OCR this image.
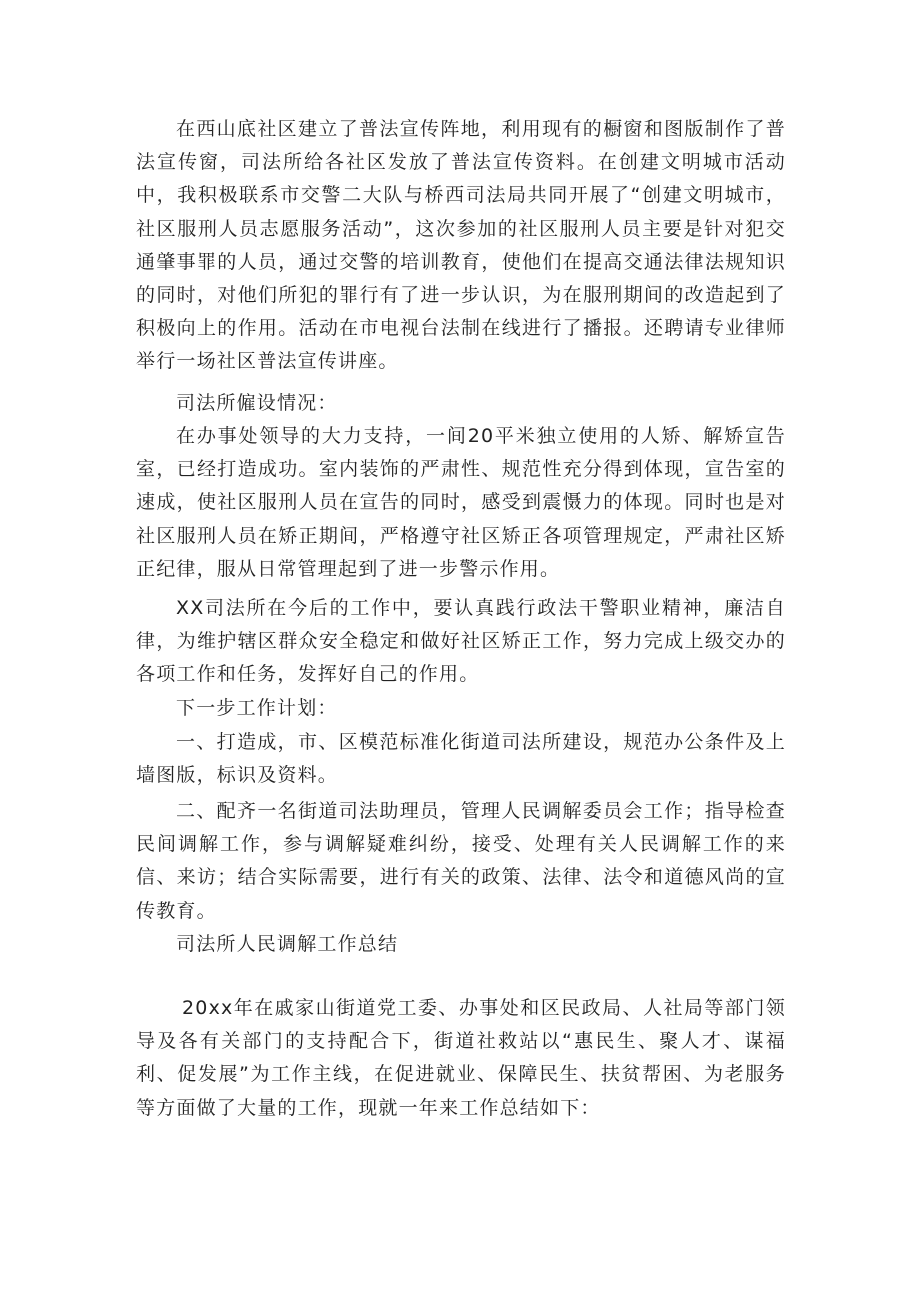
在西山底社区建立了普法宣传阵地，利用现有的橱窗和图版制作了普法宣传窗，司法所给各社区发放了普法宣传资料。在创建文明城市活动中，我积极联系市交警二大队与桥西司法局共同开展了“创建文明城市，社区服刑人员志愿服务活动”，这次参加的社区服刑人员主要是针对犯交通肇事罪的人员，通过交警的培训教育，使他们在提高交通法律法规知识的同时，对他们所犯的罪行有了进一步认识，为在服刑期间的改造起到了积极向上的作用。活动在市电视台法制在线进行了播报。还聘请专业律师举行一场社区普法宣传讲座。

司法所僱设情况：

在办事处领导的大力支持，一间20平米独立使用的人矫、解矫宣告室，已经打造成功。室内装饰的严肃性、规范性充分得到体现，宣告室的速成，使社区服刑人员在宣告的同时，感受到震慑力的体现。同时也是对社区服刑人员在矫正期间，严格遵守社区矫正各项管理规定，严肃社区矫正纪律，服从日常管理起到了进一步警示作用。

XX司法所在今后的工作中，要认真践行政法干警职业精神，廉洁自律，为维护辖区群众安全稳定和做好社区矫正工作，努力完成上级交办的各项工作和任务，发挥好自己的作用。

下一步工作计划：

一、打造成，市、区模范标准化街道司法所建设，规范办公条件及上墙图版，标识及资料。

二、配齐一名街道司法助理员，管理人民调解委员会工作；指导检查民间调解工作，参与调解疑难纠纷，接受、处理有关人民调解工作的来信、来访；结合实际需要，进行有关的政策、法律、法令和道德风尚的宣传教育。

司法所人民调解工作总结

20xx年在戚家山街道党工委、办事处和区民政局、人社局等部门领导及各有关部门的支持配合下，街道社救站以“惠民生、聚人才、谋福利、促发展”为工作主线，在促进就业、保障民生、扶贫帮困、为老服务等方面做了大量的工作，现就一年来工作总结如下：
